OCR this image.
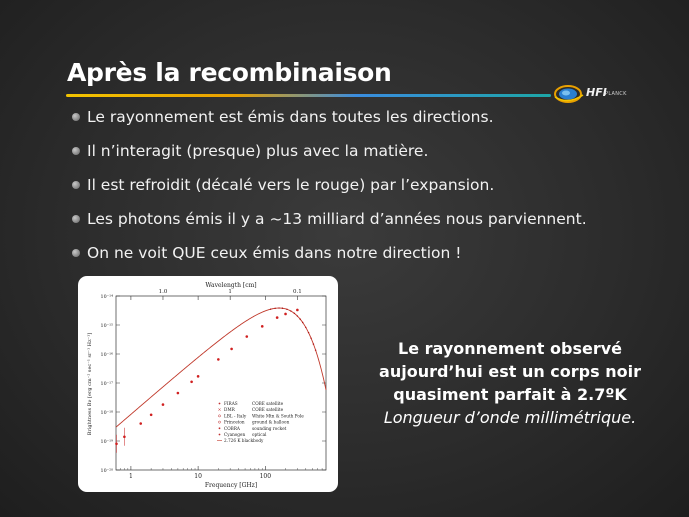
Après la recombinaison
HFI
PLANCK
Le rayonnement est émis dans toutes les directions.
Il n’interagit (presque) plus avec la matière.
Il est refroidit (décalé vers le rouge) par l’expansion.
Les photons émis il y a ~13 milliard d’années nous parviennent.
On ne voit QUE ceux émis dans notre direction !
Wavelength [cm]
Frequency [GHz]
Brightness Bν [erg cm⁻² sec⁻¹ sr⁻¹ Hz⁻¹]
1	10	100
1.0	1	0.1
10⁻¹⁴
10⁻¹⁵
10⁻¹⁶
10⁻¹⁷
10⁻¹⁸
10⁻¹⁹
10⁻²⁰
FIRAS	COBE satellite
× DMR	COBE satellite
LBL - Italy White Mtn & South Pole
Princeton ground & balloon
COBRA	sounding rocket
Cyanogen optical
2.726 K blackbody
Le rayonnement observé
aujourd’hui est un corps noir
quasiment parfait à 2.7ºK
Longueur d’onde millimétrique.
